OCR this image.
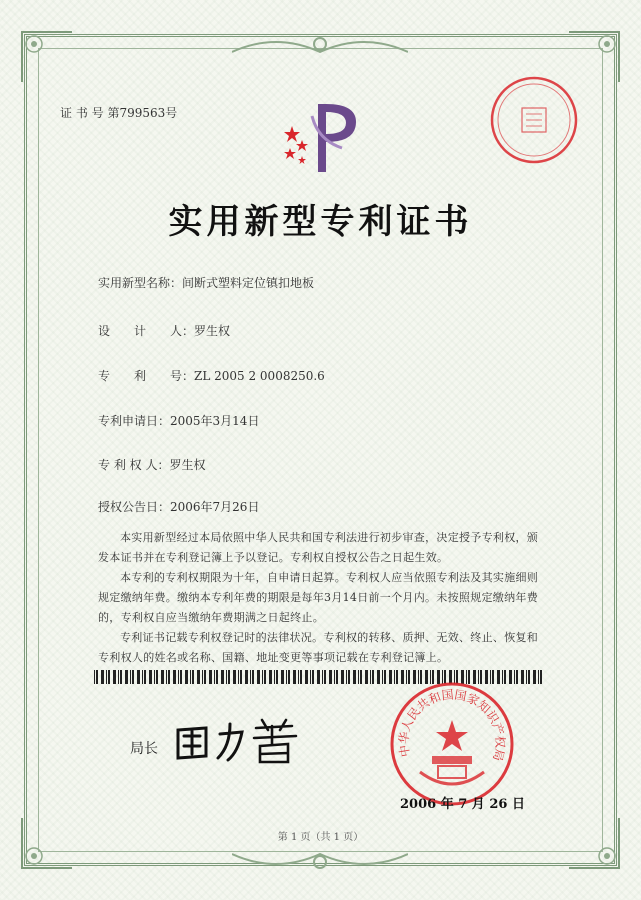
证 书 号 第799563号
实用新型专利证书
实用新型名称：间断式塑料定位镇扣地板
设　　计　　人：罗生权
专　　利　　号：ZL 2005 2 0008250.6
专利申请日：2005年3月14日
专 利 权 人：罗生权
授权公告日：2006年7月26日
本实用新型经过本局依照中华人民共和国专利法进行初步审查，决定授予专利权，颁发本证书并在专利登记簿上予以登记。专利权自授权公告之日起生效。
本专利的专利权期限为十年，自申请日起算。专利权人应当依照专利法及其实施细则规定缴纳年费。缴纳本专利年费的期限是每年3月14日前一个月内。未按照规定缴纳年费的，专利权自应当缴纳年费期满之日起终止。
专利证书记载专利权登记时的法律状况。专利权的转移、质押、无效、终止、恢复和专利权人的姓名或名称、国籍、地址变更等事项记载在专利登记簿上。
局长	中华人民共和国国家知识产权局
2006 年 7 月 26 日
第 1 页（共 1 页）
